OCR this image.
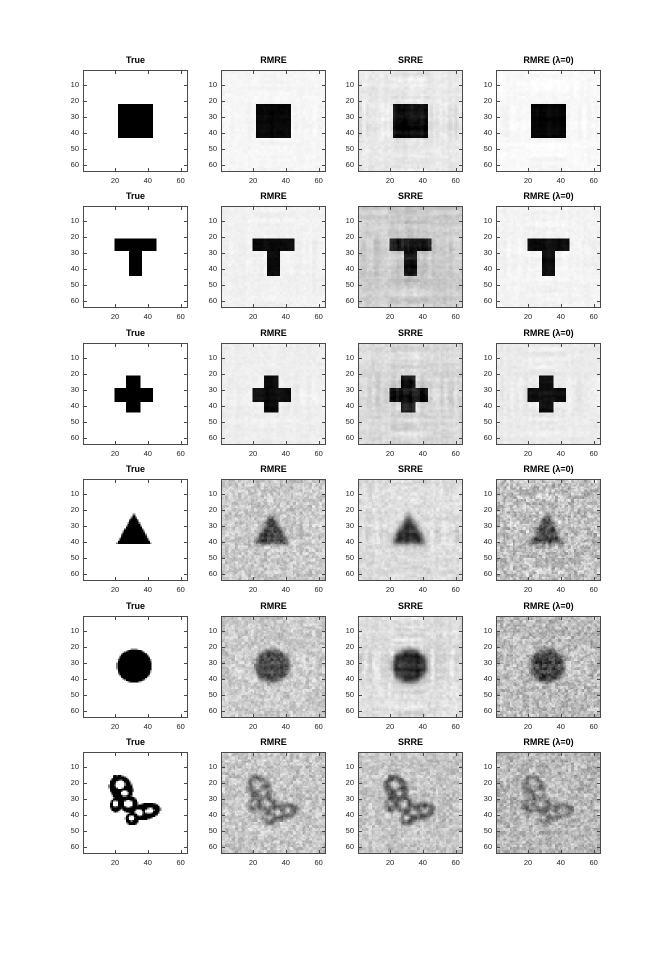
True
10
20
30
40
50
60
20	40	60
RMRE
10
20
30
40
50
60
20	40	60
SRRE
10
20
30
40
50
60
20	40	60
RMRE (λ=0)
10
20
30
40
50
60
20	40	60
True
10
20
30
40
50
60
20	40	60
RMRE
10
20
30
40
50
60
20	40	60
SRRE
10
20
30
40
50
60
20	40	60
RMRE (λ=0)
10
20
30
40
50
60
20	40	60
True
10
20
30
40
50
60
20	40	60
RMRE
10
20
30
40
50
60
20	40	60
SRRE
10
20
30
40
50
60
20	40	60
RMRE (λ=0)
10
20
30
40
50
60
20	40	60
True
10
20
30
40
50
60
20	40	60
RMRE
10
20
30
40
50
60
20	40	60
SRRE
10
20
30
40
50
60
20	40	60
RMRE (λ=0)
10
20
30
40
50
60
20	40	60
True
10
20
30
40
50
60
20	40	60
RMRE
10
20
30
40
50
60
20	40	60
SRRE
10
20
30
40
50
60
20	40	60
RMRE (λ=0)
10
20
30
40
50
60
20	40	60
True
10
20
30
40
50
60
20	40	60
RMRE
10
20
30
40
50
60
20	40	60
SRRE
10
20
30
40
50
60
20	40	60
RMRE (λ=0)
10
20
30
40
50
60
20	40	60
